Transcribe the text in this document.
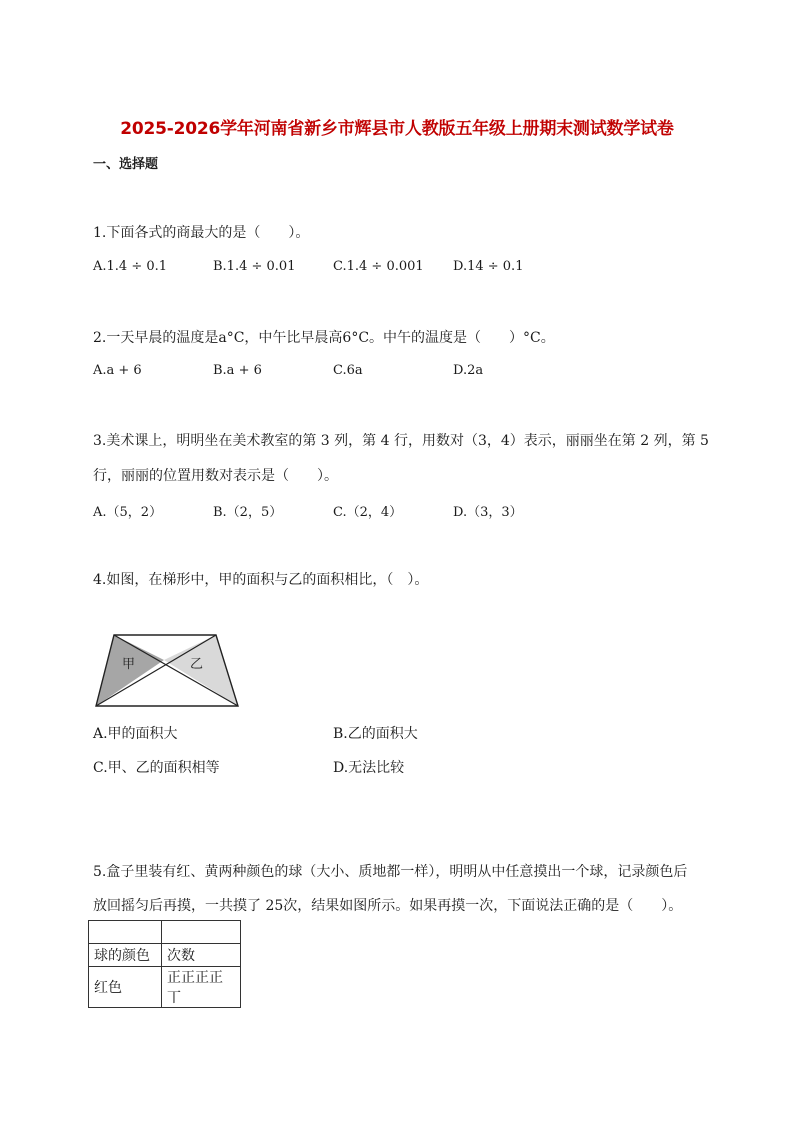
2025-2026学年河南省新乡市辉县市人教版五年级上册期末测试数学试卷
一、选择题
1.下面各式的商最大的是（　　）。
A.1.4 ÷ 0.1	B.1.4 ÷ 0.01	C.1.4 ÷ 0.001 D.14 ÷ 0.1
2.一天早晨的温度是a°C，中午比早晨高6°C。中午的温度是（　　）°C。
A.a + 6	B.a + 6	C.6a	D.2a
3.美术课上，明明坐在美术教室的第 3 列，第 4 行，用数对（3，4）表示，丽丽坐在第 2 列，第 5
行，丽丽的位置用数对表示是（　　）。
A.（5，2）	B.（2，5）	C.（2，4）	D.（3，3）
4.如图，在梯形中，甲的面积与乙的面积相比，（　）。
甲	乙
A.甲的面积大	B.乙的面积大
C.甲、乙的面积相等	D.无法比较
5.盒子里装有红、黄两种颜色的球（大小、质地都一样），明明从中任意摸出一个球，记录颜色后
放回摇匀后再摸，一共摸了 25次，结果如图所示。如果再摸一次，下面说法正确的是（　　）。

球的颜色	次数
红色	正正正正丅
